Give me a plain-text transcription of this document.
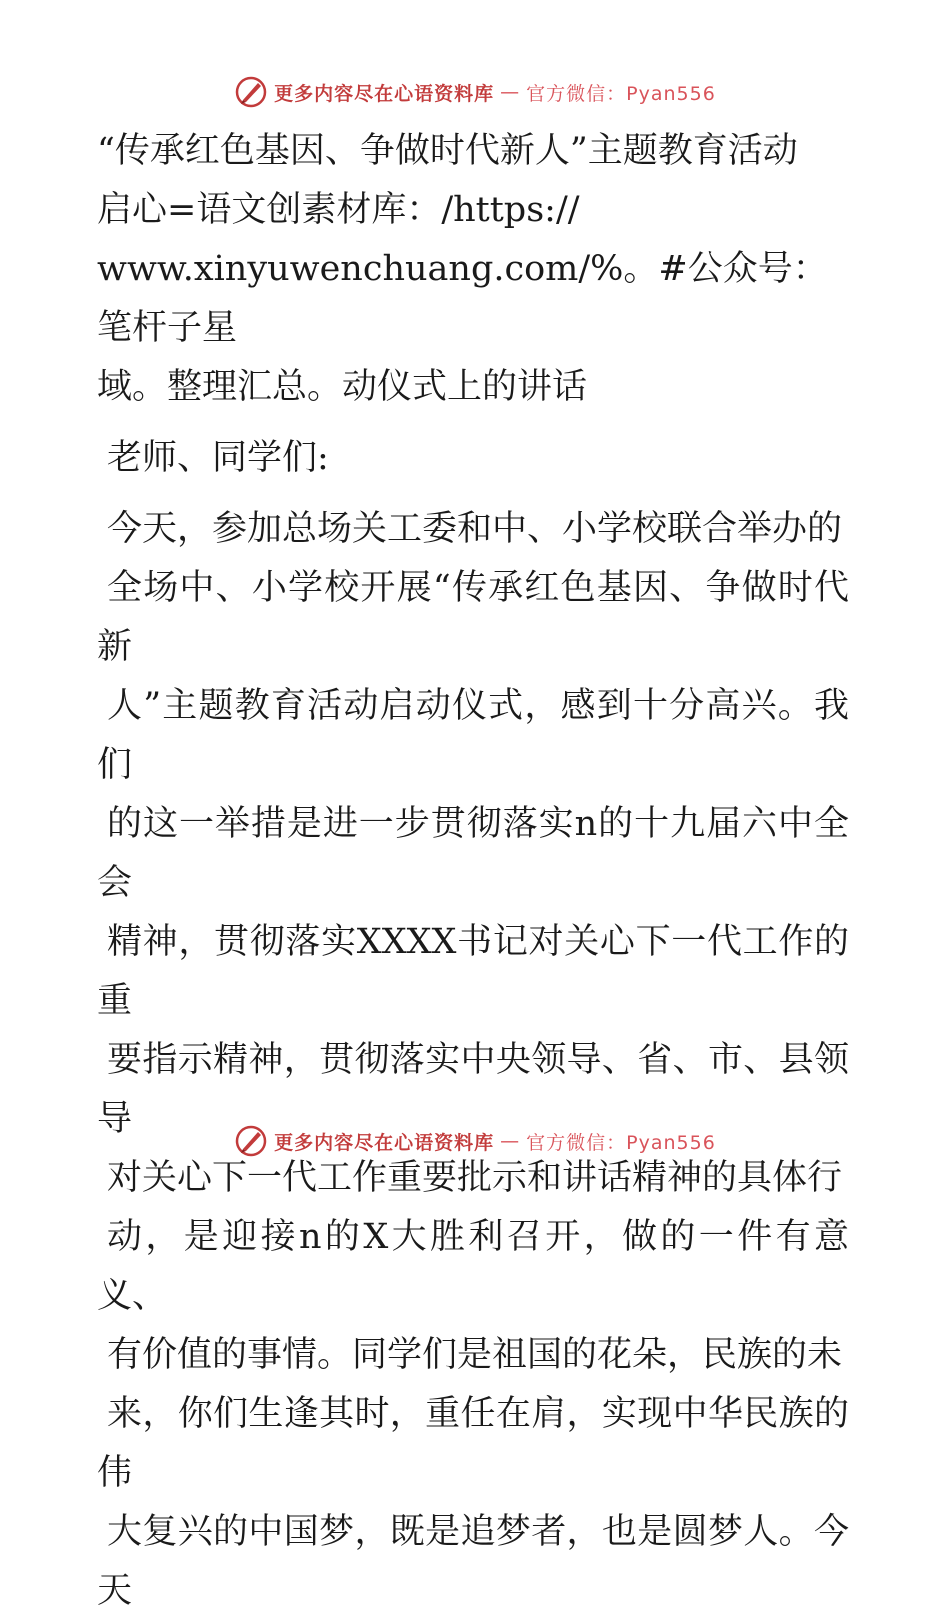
更多内容尽在心语资料库 — 官方微信：Pyan556

“传承红色基因、争做时代新人”主题教育活动

启心=语文创素材库：/https://

www.xinyuwenchuang.com/%。#公众号：笔杆子星

域。整理汇总。动仪式上的讲话

老师、同学们:

今天，参加总场关工委和中、小学校联合举办的

全场中、小学校开展“传承红色基因、争做时代新

人”主题教育活动启动仪式，感到十分高兴。我们

的这一举措是进一步贯彻落实n的十九届六中全会

精神，贯彻落实XXXX书记对关心下一代工作的重

要指示精神，贯彻落实中央领导、省、市、县领导

对关心下一代工作重要批示和讲话精神的具体行

动，是迎接n的X大胜利召开，做的一件有意义、

有价值的事情。同学们是祖国的花朵，民族的未

来，你们生逢其时，重任在肩，实现中华民族的伟

大复兴的中国梦，既是追梦者，也是圆梦人。今天

更多内容尽在心语资料库 — 官方微信：Pyan556
